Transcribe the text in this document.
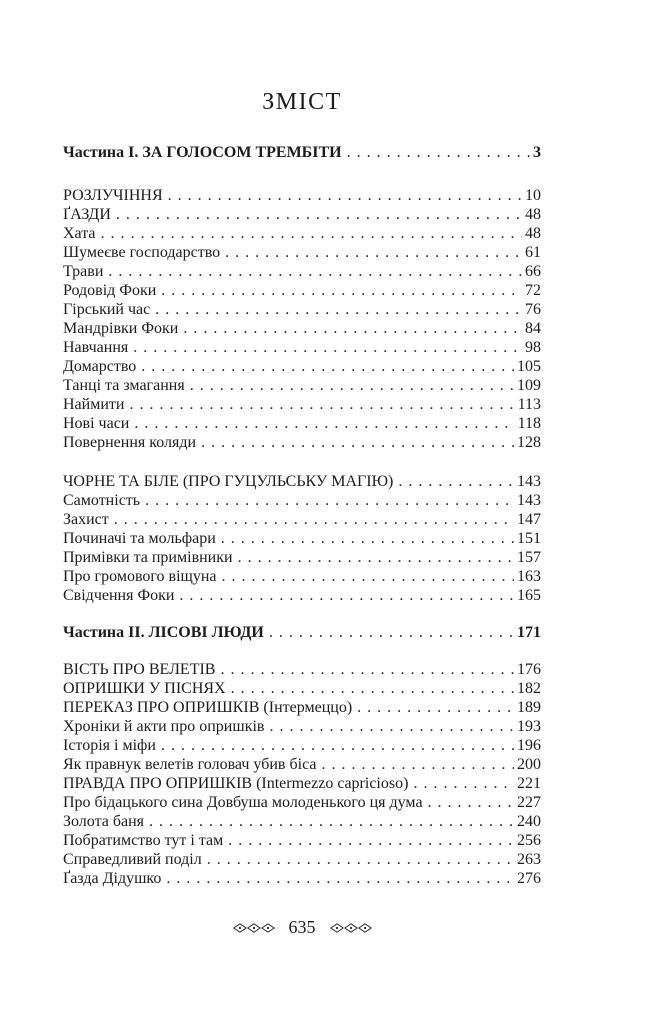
ЗМІСТ
Частина I. ЗА ГОЛОСОМ ТРЕМБІТИ . . .	3
РОЗЛУЧІННЯ . . .	10
ҐАЗДИ . . .	48
Хата . . .	48
Шумеєве господарство . . .	61
Трави . . .	66
Родовід Фоки . . .	72
Гірський час . . .	76
Мандрівки Фоки . . .	84
Навчання . . .	98
Домарство . . .	105
Танці та змагання . . .	109
Наймити . . .	113
Нові часи . . .	118
Повернення коляди . . .	128
ЧОРНЕ ТА БІЛЕ (ПРО ГУЦУЛЬСЬКУ МАГІЮ) . . .	143
Самотність . . .	143
Захист . . .	147
Починачі та мольфари . . .	151
Примівки та примівники . . .	157
Про громового віщуна . . .	163
Свідчення Фоки . . .	165
Частина II. ЛІСОВІ ЛЮДИ . . .	171
ВІСТЬ ПРО ВЕЛЕТІВ . . .	176
ОПРИШКИ У ПІСНЯХ . . .	182
ПЕРЕКАЗ ПРО ОПРИШКІВ (Інтермеццо) . . .	189
Хроніки й акти про опришків . . .	193
Історія і міфи . . .	196
Як правнук велетів головач убив біса . . .	200
ПРАВДА ПРО ОПРИШКІВ (Intermezzo capricioso) . . .	221
Про бідацького сина Довбуша молоденького ця дума . . .	227
Золота баня . . .	240
Побратимство тут і там . . .	256
Справедливий поділ . . .	263
Ґазда Дідушко . . .	276
635
